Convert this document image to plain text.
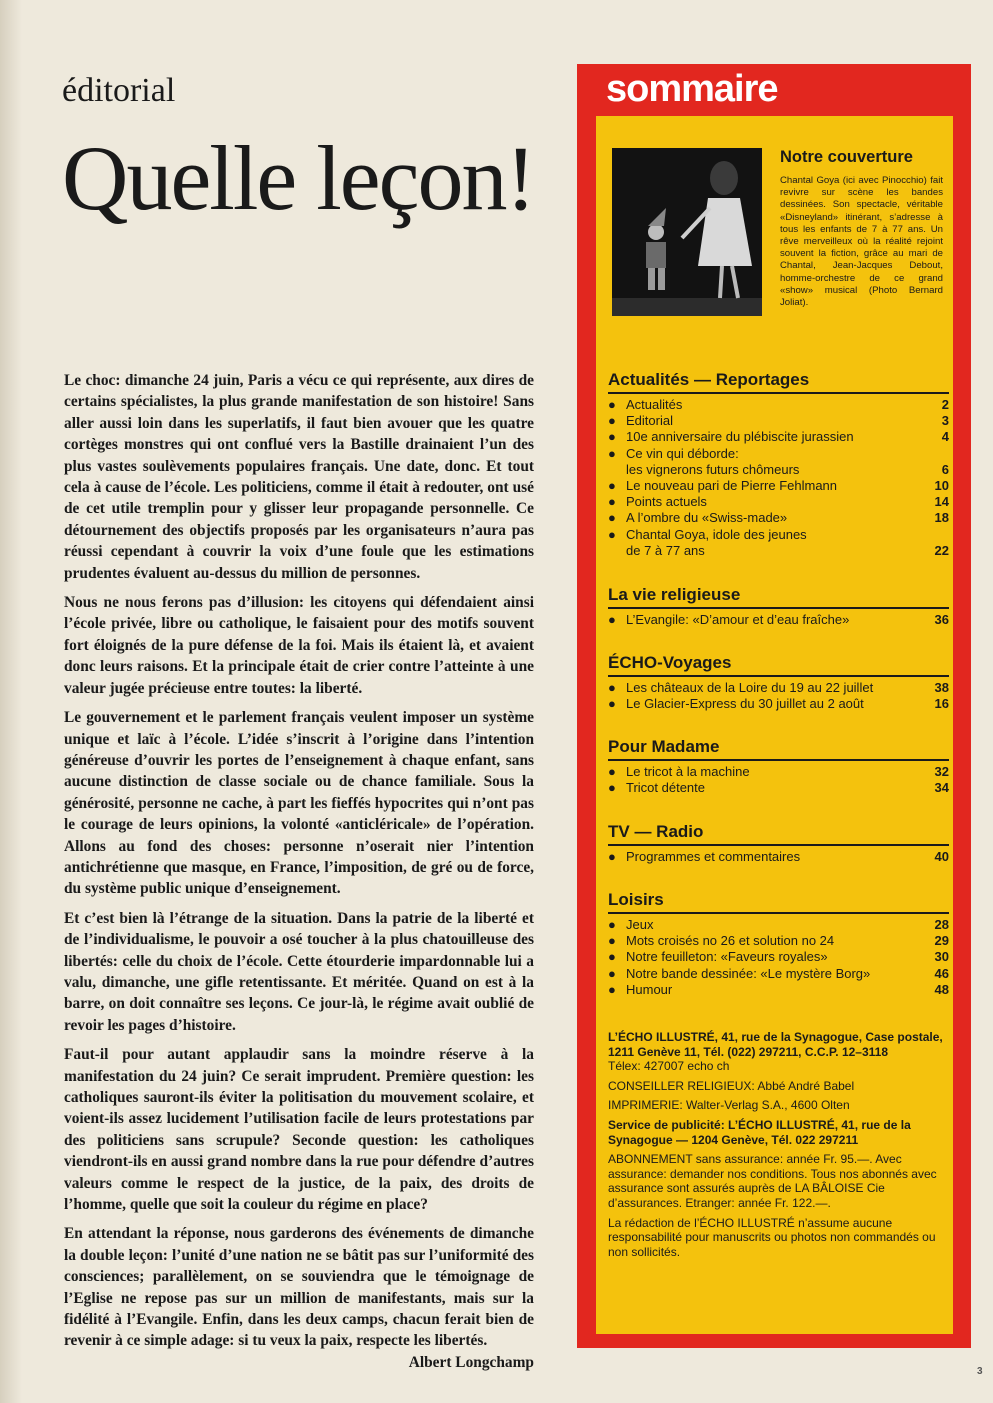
éditorial
Quelle leçon!

Le choc: dimanche 24 juin, Paris a vécu ce qui représente, aux dires de certains spécialistes, la plus grande manifestation de son histoire! Sans aller aussi loin dans les superlatifs, il faut bien avouer que les quatre cortèges monstres qui ont conflué vers la Bastille drainaient l’un des plus vastes soulèvements populaires français. Une date, donc. Et tout cela à cause de l’école. Les politiciens, comme il était à redouter, ont usé de cet utile tremplin pour y glisser leur propagande personnelle. Ce détournement des objectifs proposés par les organisateurs n’aura pas réussi cependant à couvrir la voix d’une foule que les estimations prudentes évaluent au-dessus du million de personnes.

Nous ne nous ferons pas d’illusion: les citoyens qui défendaient ainsi l’école privée, libre ou catholique, le faisaient pour des motifs souvent fort éloignés de la pure défense de la foi. Mais ils étaient là, et avaient donc leurs raisons. Et la principale était de crier contre l’atteinte à une valeur jugée précieuse entre toutes: la liberté.

Le gouvernement et le parlement français veulent imposer un système unique et laïc à l’école. L’idée s’inscrit à l’origine dans l’intention généreuse d’ouvrir les portes de l’enseignement à chaque enfant, sans aucune distinction de classe sociale ou de chance familiale. Sous la générosité, personne ne cache, à part les fieffés hypocrites qui n’ont pas le courage de leurs opinions, la volonté «anticléricale» de l’opération. Allons au fond des choses: personne n’oserait nier l’intention antichrétienne que masque, en France, l’imposition, de gré ou de force, du système public unique d’enseignement.

Et c’est bien là l’étrange de la situation. Dans la patrie de la liberté et de l’individualisme, le pouvoir a osé toucher à la plus chatouilleuse des libertés: celle du choix de l’école. Cette étourderie impardonnable lui a valu, dimanche, une gifle retentissante. Et méritée. Quand on est à la barre, on doit connaître ses leçons. Ce jour-là, le régime avait oublié de revoir les pages d’histoire.

Faut-il pour autant applaudir sans la moindre réserve à la manifestation du 24 juin? Ce serait imprudent. Première question: les catholiques sauront-ils éviter la politisation du mouvement scolaire, et voient-ils assez lucidement l’utilisation facile de leurs protestations par des politiciens sans scrupule? Seconde question: les catholiques viendront-ils en aussi grand nombre dans la rue pour défendre d’autres valeurs comme le respect de la justice, de la paix, des droits de l’homme, quelle que soit la couleur du régime en place?

En attendant la réponse, nous garderons des événements de dimanche la double leçon: l’unité d’une nation ne se bâtit pas sur l’uniformité des consciences; parallèlement, on se souviendra que le témoignage de l’Eglise ne repose pas sur un million de manifestants, mais sur la fidélité à l’Evangile. Enfin, dans les deux camps, chacun ferait bien de revenir à ce simple adage: si tu veux la paix, respecte les libertés.
Albert Longchamp

sommaire
Notre couverture
Chantal Goya (ici avec Pinocchio) fait revivre sur scène les bandes dessinées. Son spectacle, véritable «Disneyland» itinérant, s’adresse à tous les enfants de 7 à 77 ans. Un rêve merveilleux où la réalité rejoint souvent la fiction, grâce au mari de Chantal, Jean-Jacques Debout, homme-orchestre de ce grand «show» musical (Photo Bernard Joliat).
Actualités — Reportages
● Actualités	2
● Editorial	3
● 10e anniversaire du plébiscite jurassien	4
● Ce vin qui déborde:
les vignerons futurs chômeurs	6
● Le nouveau pari de Pierre Fehlmann	10
● Points actuels	14
● A l’ombre du «Swiss-made»	18
● Chantal Goya, idole des jeunes
de 7 à 77 ans	22
La vie religieuse
● L’Evangile: «D’amour et d’eau fraîche»	36
ÉCHO-Voyages
● Les châteaux de la Loire du 19 au 22 juillet	38
● Le Glacier-Express du 30 juillet au 2 août	16
Pour Madame
● Le tricot à la machine	32
● Tricot détente	34
TV — Radio
● Programmes et commentaires	40
Loisirs
● Jeux	28
● Mots croisés no 26 et solution no 24	29
● Notre feuilleton: «Faveurs royales»	30
● Notre bande dessinée: «Le mystère Borg»	46
● Humour	48
L’ÉCHO ILLUSTRÉ, 41, rue de la Synagogue, Case postale, 1211 Genève 11, Tél. (022) 297211, C.C.P. 12–3118
Télex: 427007 echo ch
CONSEILLER RELIGIEUX: Abbé André Babel
IMPRIMERIE: Walter-Verlag S.A., 4600 Olten
Service de publicité: L’ÉCHO ILLUSTRÉ, 41, rue de la Synagogue — 1204 Genève, Tél. 022 297211
ABONNEMENT sans assurance: année Fr. 95.—. Avec assurance: demander nos conditions. Tous nos abonnés avec assurance sont assurés auprès de LA BÂLOISE Cie d’assurances. Etranger: année Fr. 122.—.
La rédaction de l’ÉCHO ILLUSTRÉ n’assume aucune responsabilité pour manuscrits ou photos non commandés ou non sollicités.
3
